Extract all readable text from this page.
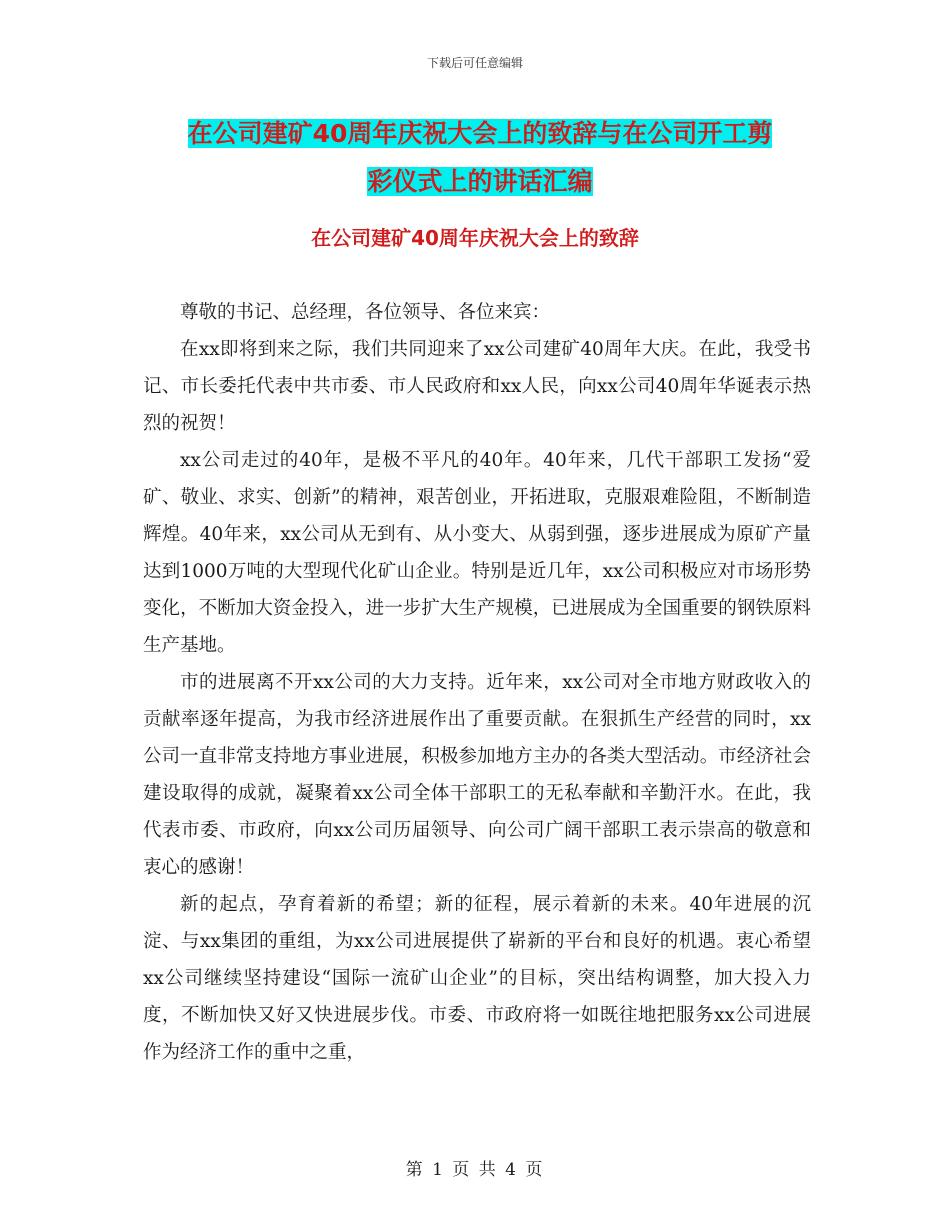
下载后可任意编辑
在公司建矿40周年庆祝大会上的致辞与在公司开工剪
彩仪式上的讲话汇编
在公司建矿40周年庆祝大会上的致辞

尊敬的书记、总经理，各位领导、各位来宾：

在xx即将到来之际，我们共同迎来了xx公司建矿40周年大庆。在此，我受书记、市长委托代表中共市委、市人民政府和xx人民，向xx公司40周年华诞表示热烈的祝贺！

xx公司走过的40年，是极不平凡的40年。40年来，几代干部职工发扬“爱矿、敬业、求实、创新”的精神，艰苦创业，开拓进取，克服艰难险阻，不断制造辉煌。40年来，xx公司从无到有、从小变大、从弱到强，逐步进展成为原矿产量达到1000万吨的大型现代化矿山企业。特别是近几年，xx公司积极应对市场形势变化，不断加大资金投入，进一步扩大生产规模，已进展成为全国重要的钢铁原料生产基地。

市的进展离不开xx公司的大力支持。近年来，xx公司对全市地方财政收入的贡献率逐年提高，为我市经济进展作出了重要贡献。在狠抓生产经营的同时，xx公司一直非常支持地方事业进展，积极参加地方主办的各类大型活动。市经济社会建设取得的成就，凝聚着xx公司全体干部职工的无私奉献和辛勤汗水。在此，我代表市委、市政府，向xx公司历届领导、向公司广阔干部职工表示崇高的敬意和衷心的感谢！

新的起点，孕育着新的希望；新的征程，展示着新的未来。40年进展的沉淀、与xx集团的重组，为xx公司进展提供了崭新的平台和良好的机遇。衷心希望xx公司继续坚持建设“国际一流矿山企业”的目标，突出结构调整，加大投入力度，不断加快又好又快进展步伐。市委、市政府将一如既往地把服务xx公司进展作为经济工作的重中之重，

第 1 页 共 4 页
